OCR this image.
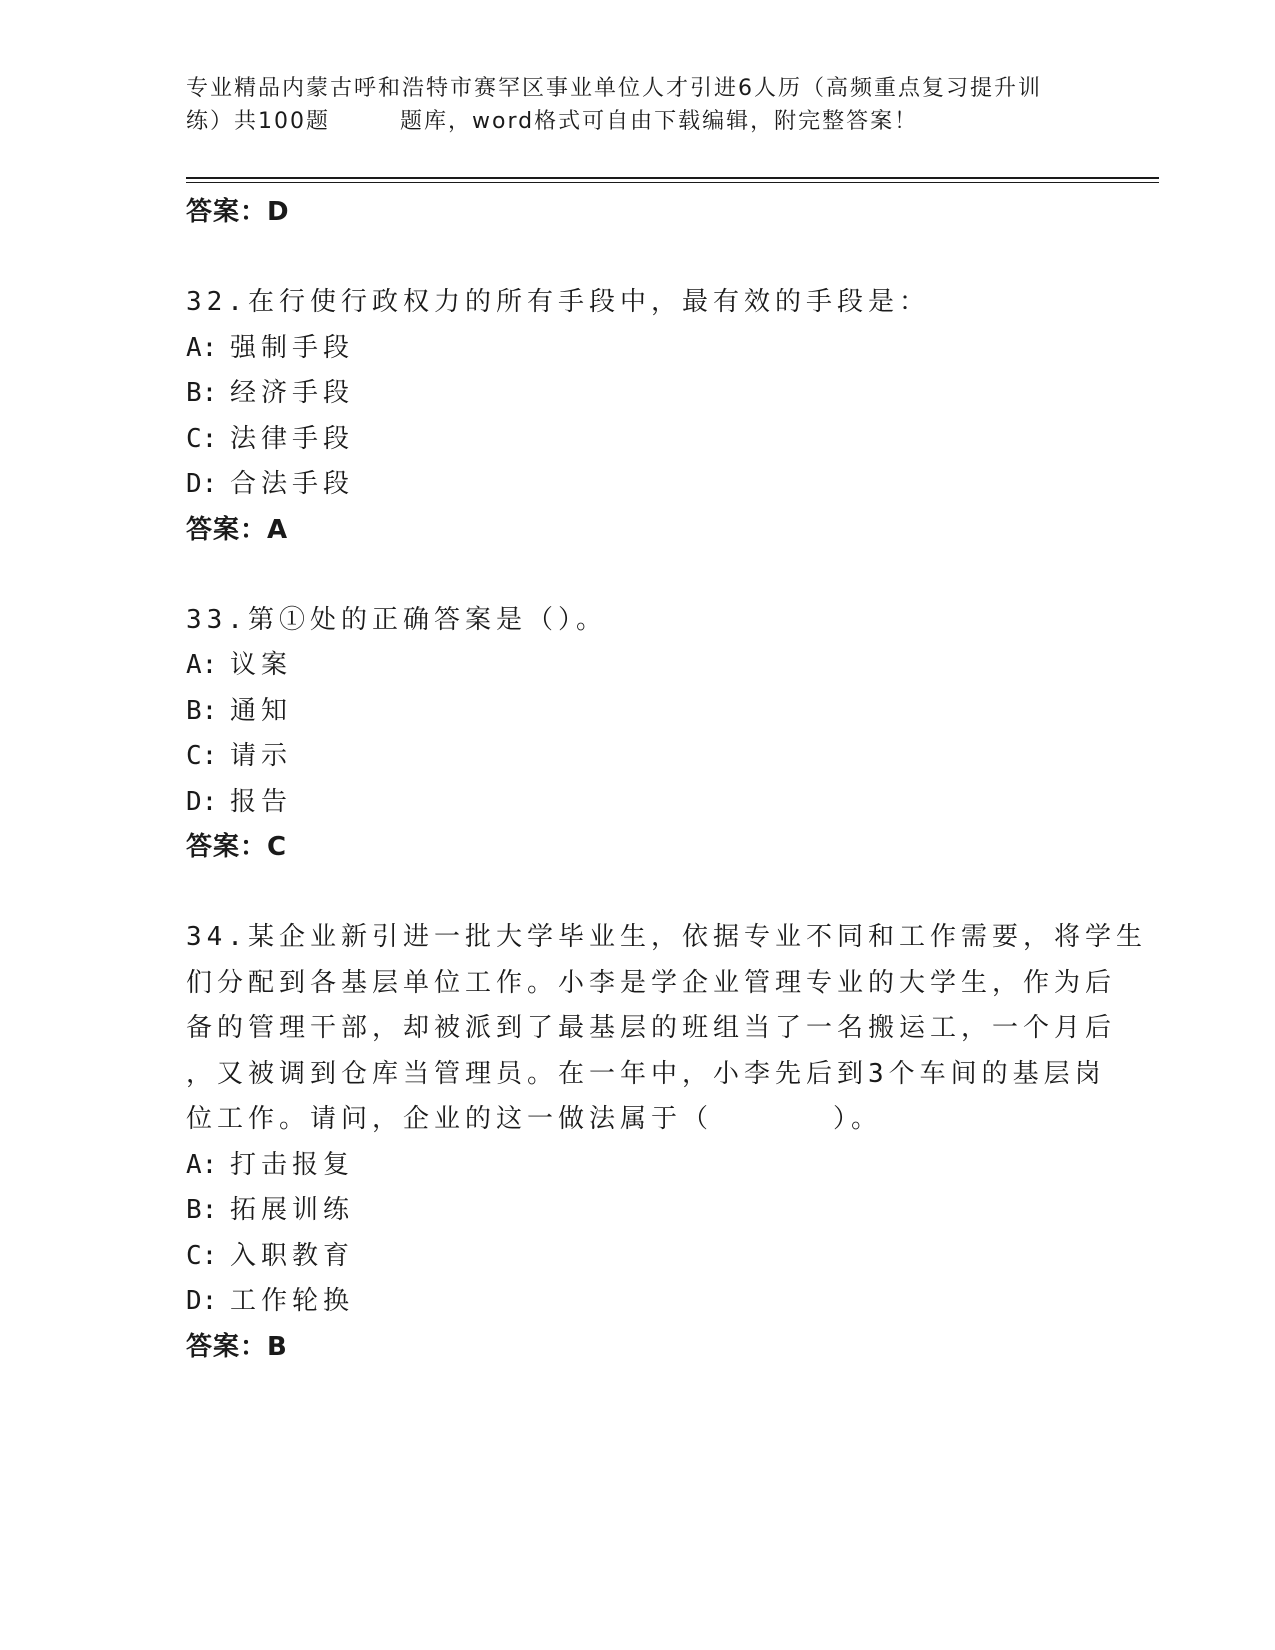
专业精品内蒙古呼和浩特市赛罕区事业单位人才引进6人历（高频重点复习提升训
练）共100题	题库，word格式可自由下载编辑，附完整答案！
答案：D
32.在行使行政权力的所有手段中，最有效的手段是：
A: 强制手段
B: 经济手段
C: 法律手段
D: 合法手段
答案：A
33.第①处的正确答案是（）。
A: 议案
B: 通知
C: 请示
D: 报告
答案：C
34.某企业新引进一批大学毕业生，依据专业不同和工作需要，将学生
们分配到各基层单位工作。小李是学企业管理专业的大学生，作为后
备的管理干部，却被派到了最基层的班组当了一名搬运工，一个月后
，又被调到仓库当管理员。在一年中，小李先后到3个车间的基层岗
位工作。请问，企业的这一做法属于（	）。
A: 打击报复
B: 拓展训练
C: 入职教育
D: 工作轮换
答案：B
